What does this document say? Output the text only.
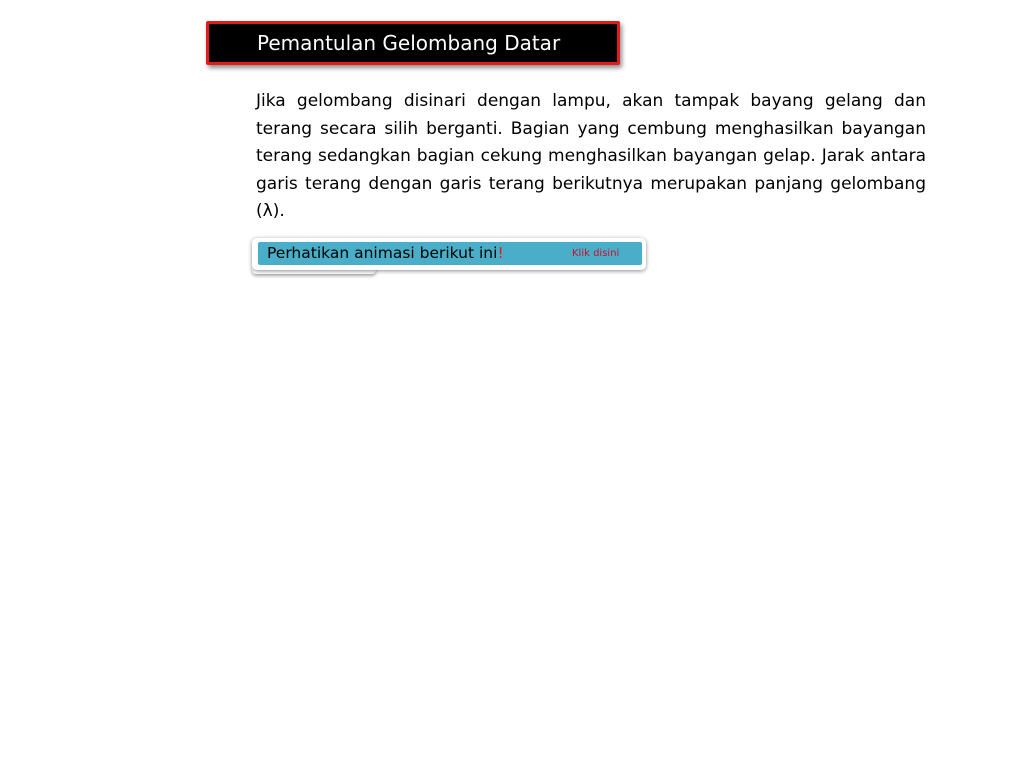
Pemantulan Gelombang Datar

Jika gelombang disinari dengan lampu, akan tampak bayang gelang dan terang secara silih berganti. Bagian yang cembung menghasilkan bayangan terang sedangkan bagian cekung menghasilkan bayangan gelap. Jarak antara garis terang dengan garis terang berikutnya merupakan panjang gelombang (λ).

Perhatikan animasi berikut ini!	Klik disini
